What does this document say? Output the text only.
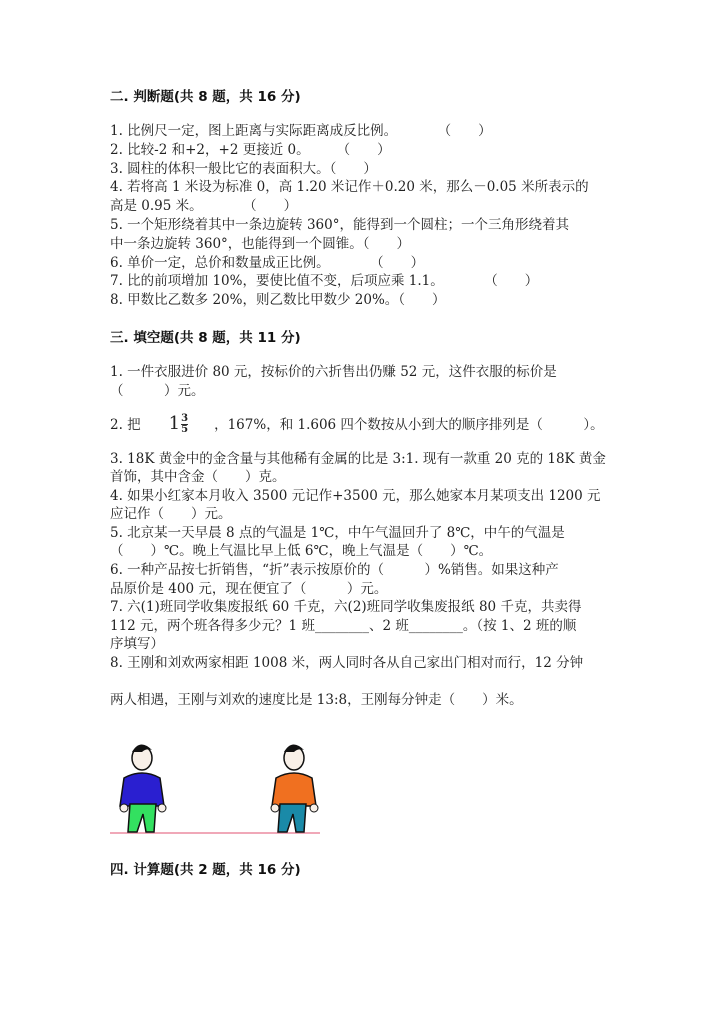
二. 判断题(共 8 题，共 16 分)
1. 比例尺一定，图上距离与实际距离成反比例。　　　　（　　）
2. 比较-2 和+2，+2 更接近 0。　　　（　　）
3. 圆柱的体积一般比它的表面积大。（　　）
4. 若将高 1 米设为标准 0，高 1.20 米记作＋0.20 米，那么－0.05 米所表示的
高是 0.95 米。　　　　（　　）
5. 一个矩形绕着其中一条边旋转 360°，能得到一个圆柱；一个三角形绕着其
中一条边旋转 360°，也能得到一个圆锥。（　　）
6. 单价一定，总价和数量成正比例。　　　　（　　）
7. 比的前项增加 10%，要使比值不变，后项应乘 1.1。　　　　（　　）
8. 甲数比乙数多 20%，则乙数比甲数少 20%。（　　）
三. 填空题(共 8 题，共 11 分)
1. 一件衣服进价 80 元，按标价的六折售出仍赚 52 元，这件衣服的标价是
（　　　）元。
2. 把 $1 \frac{3}{5}$ ，167%，和 1.606 四个数按从小到大的顺序排列是（　　　）。
3. 18K 黄金中的金含量与其他稀有金属的比是 3:1. 现有一款重 20 克的 18K 黄金
首饰，其中含金（　　）克。
4. 如果小红家本月收入 3500 元记作+3500 元，那么她家本月某项支出 1200 元
应记作（　　）元。
5. 北京某一天早晨 8 点的气温是 1℃，中午气温回升了 8℃，中午的气温是
（　　）℃。晚上气温比早上低 6℃，晚上气温是（　　）℃。
6. 一种产品按七折销售，“折”表示按原价的（　　　）%销售。如果这种产
品原价是 400 元，现在便宜了（　　　）元。
7. 六(1)班同学收集废报纸 60 千克，六(2)班同学收集废报纸 80 千克，共卖得
112 元，两个班各得多少元？1 班________、2 班________。（按 1、2 班的顺
序填写）
8. 王刚和刘欢两家相距 1008 米，两人同时各从自己家出门相对而行，12 分钟
两人相遇，王刚与刘欢的速度比是 13:8，王刚每分钟走（　　）米。
四. 计算题(共 2 题，共 16 分)
